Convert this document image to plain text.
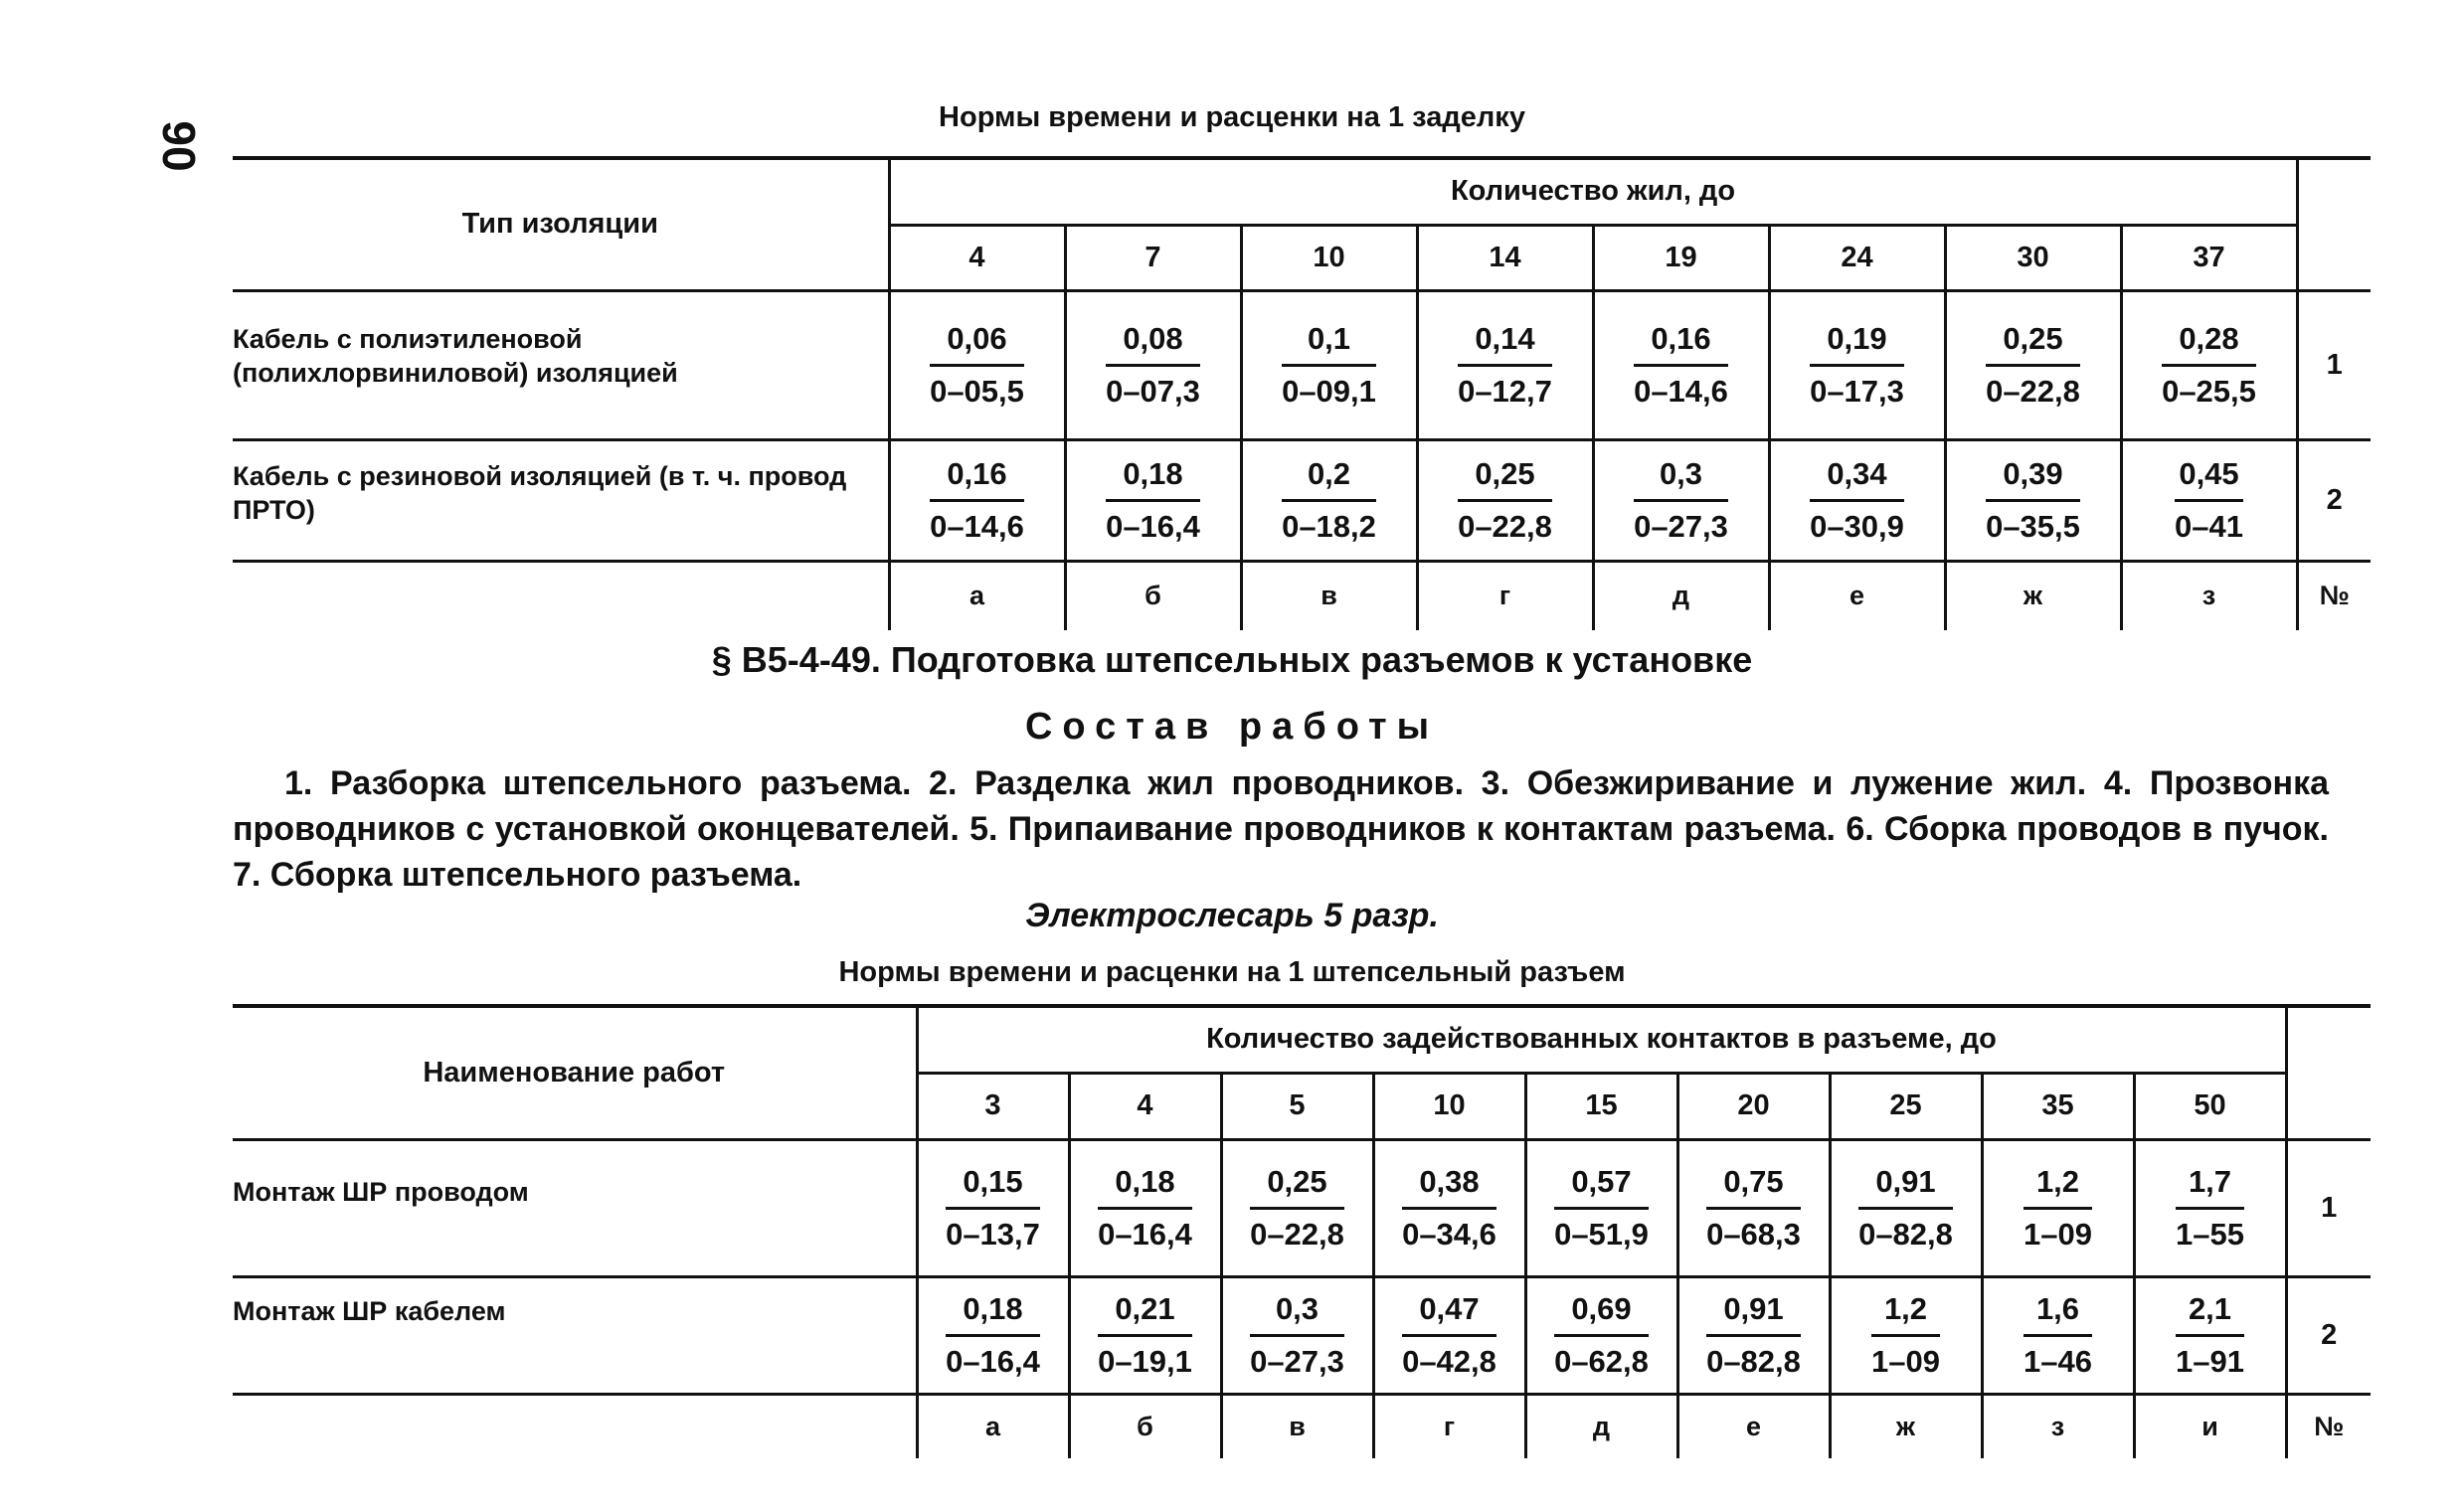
90
Нормы времени и расценки на 1 заделку
Тип изоляции	Количество жил, до								
	4	7	10	14	19	24	30	37	
Кабель с полиэтиленовой (полихлорвиниловой) изоляцией	$\frac{0,06}{0-05,5}$	$\frac{0,08}{0-07,3}$	$\frac{0,1}{0-09,1}$	$\frac{0,14}{0-12,7}$	$\frac{0,16}{0-14,6}$	$\frac{0,19}{0-17,3}$	$\frac{0,25}{0-22,8}$	$\frac{0,28}{0-25,5}$	1
Кабель с резиновой изоляцией (в т. ч. провод ПРТО)	$\frac{0,16}{0-14,6}$	$\frac{0,18}{0-16,4}$	$\frac{0,2}{0-18,2}$	$\frac{0,25}{0-22,8}$	$\frac{0,3}{0-27,3}$	$\frac{0,34}{0-30,9}$	$\frac{0,39}{0-35,5}$	$\frac{0,45}{0-41}$	2
	а	б	в	г	д	е	ж	з	№
§ В5-4-49. Подготовка штепсельных разъемов к установке
Состав работы
1. Разборка штепсельного разъема. 2. Разделка жил проводников. 3. Обезжиривание и лужение жил. 4. Прозвонка проводников с установкой оконцевателей. 5. Припаивание проводников к контактам разъема. 6. Сборка проводов в пучок. 7. Сборка штепсельного разъема.
Электрослесарь 5 разр.
Нормы времени и расценки на 1 штепсельный разъем
Наименование работ	Количество задействованных контактов в разъеме, до									
	3	4	5	10	15	20	25	35	50	
Монтаж ШР проводом	$\frac{0,15}{0-13,7}$	$\frac{0,18}{0-16,4}$	$\frac{0,25}{0-22,8}$	$\frac{0,38}{0-34,6}$	$\frac{0,57}{0-51,9}$	$\frac{0,75}{0-68,3}$	$\frac{0,91}{0-82,8}$	$\frac{1,2}{1-09}$	$\frac{1,7}{1-55}$	1
Монтаж ШР кабелем	$\frac{0,18}{0-16,4}$	$\frac{0,21}{0-19,1}$	$\frac{0,3}{0-27,3}$	$\frac{0,47}{0-42,8}$	$\frac{0,69}{0-62,8}$	$\frac{0,91}{0-82,8}$	$\frac{1,2}{1-09}$	$\frac{1,6}{1-46}$	$\frac{2,1}{1-91}$	2
	а	б	в	г	д	е	ж	з	и	№
